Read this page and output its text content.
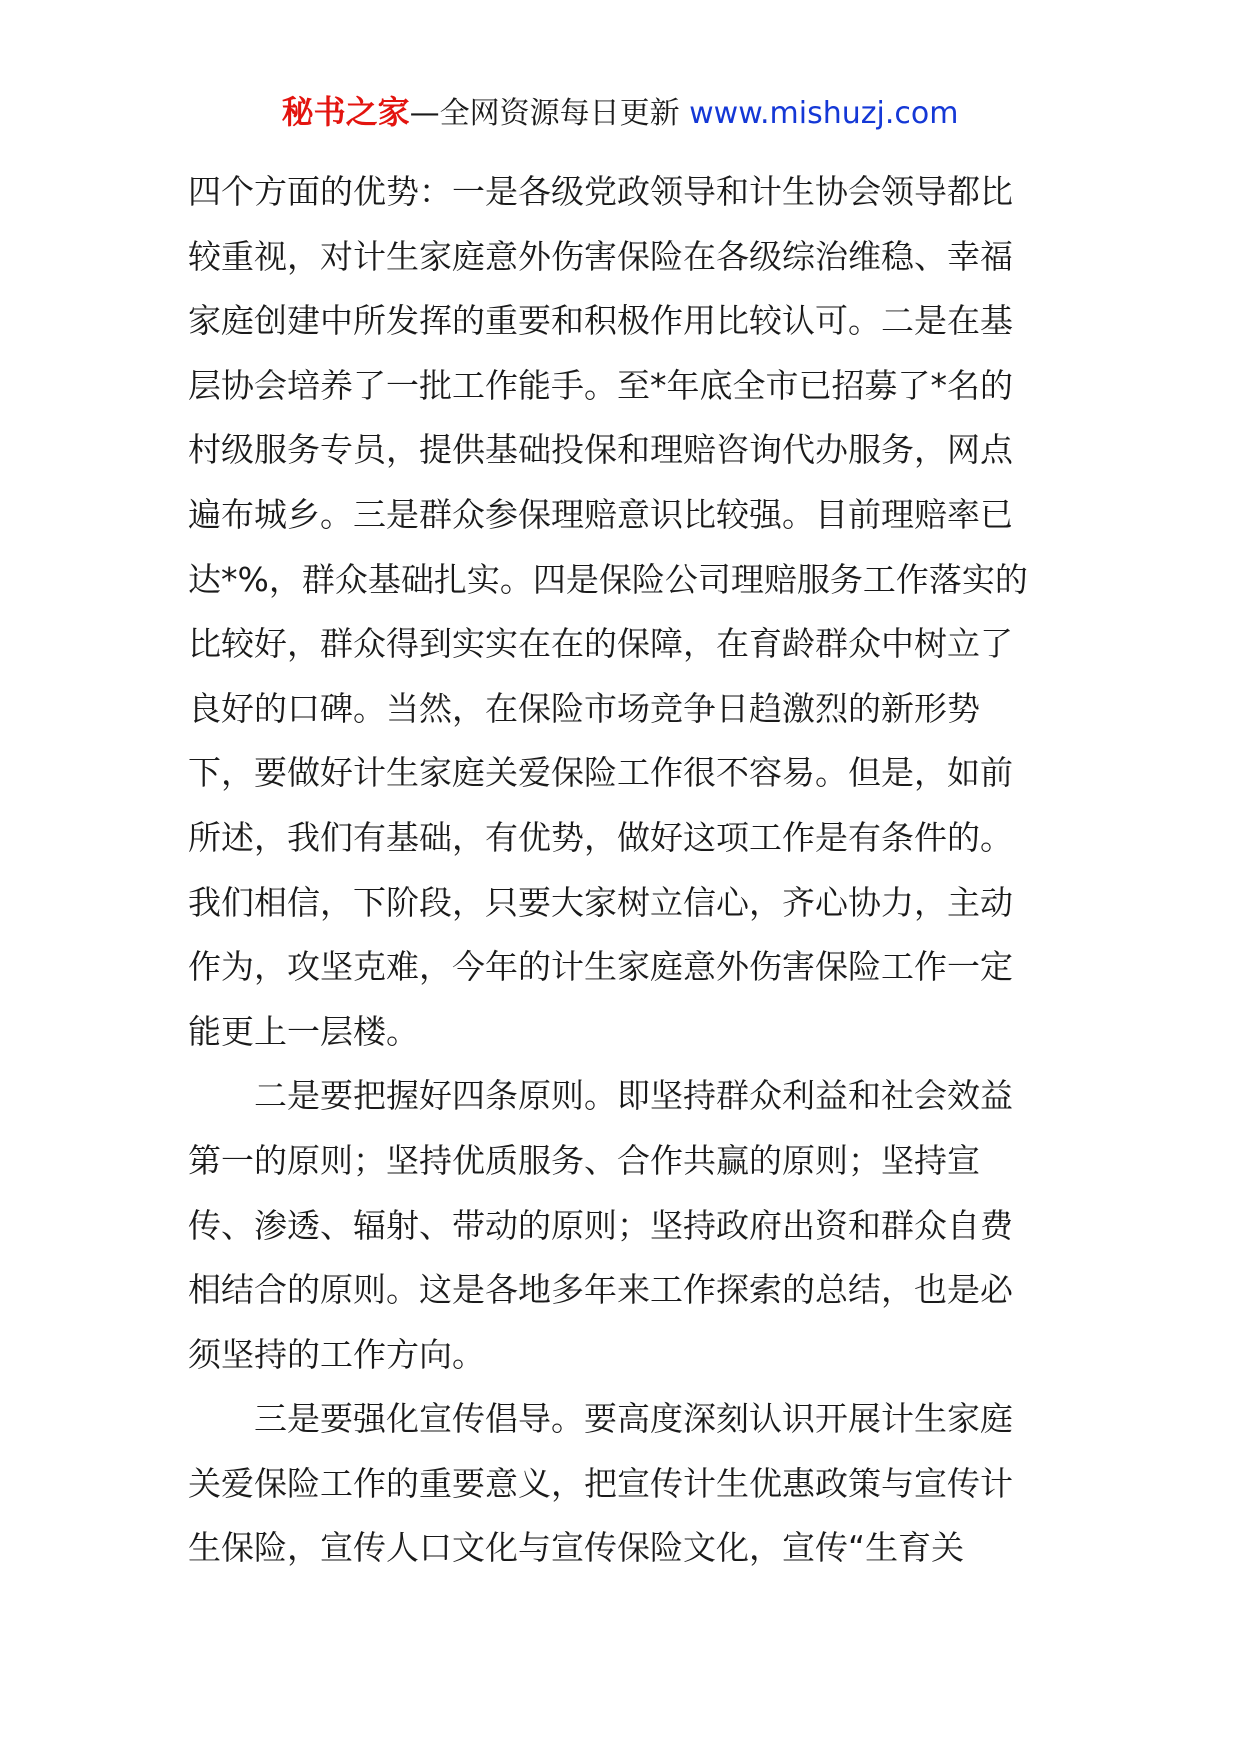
秘书之家—全网资源每日更新 www.mishuzj.com
四个方面的优势：一是各级党政领导和计生协会领导都比
较重视，对计生家庭意外伤害保险在各级综治维稳、幸福
家庭创建中所发挥的重要和积极作用比较认可。二是在基
层协会培养了一批工作能手。至*年底全市已招募了*名的
村级服务专员，提供基础投保和理赔咨询代办服务，网点
遍布城乡。三是群众参保理赔意识比较强。目前理赔率已
达*%，群众基础扎实。四是保险公司理赔服务工作落实的
比较好，群众得到实实在在的保障，在育龄群众中树立了
良好的口碑。当然，在保险市场竞争日趋激烈的新形势
下，要做好计生家庭关爱保险工作很不容易。但是，如前
所述，我们有基础，有优势，做好这项工作是有条件的。
我们相信，下阶段，只要大家树立信心，齐心协力，主动
作为，攻坚克难，今年的计生家庭意外伤害保险工作一定
能更上一层楼。
二是要把握好四条原则。即坚持群众利益和社会效益
第一的原则；坚持优质服务、合作共赢的原则；坚持宣
传、渗透、辐射、带动的原则；坚持政府出资和群众自费
相结合的原则。这是各地多年来工作探索的总结，也是必
须坚持的工作方向。
三是要强化宣传倡导。要高度深刻认识开展计生家庭
关爱保险工作的重要意义，把宣传计生优惠政策与宣传计
生保险，宣传人口文化与宣传保险文化，宣传“生育关
